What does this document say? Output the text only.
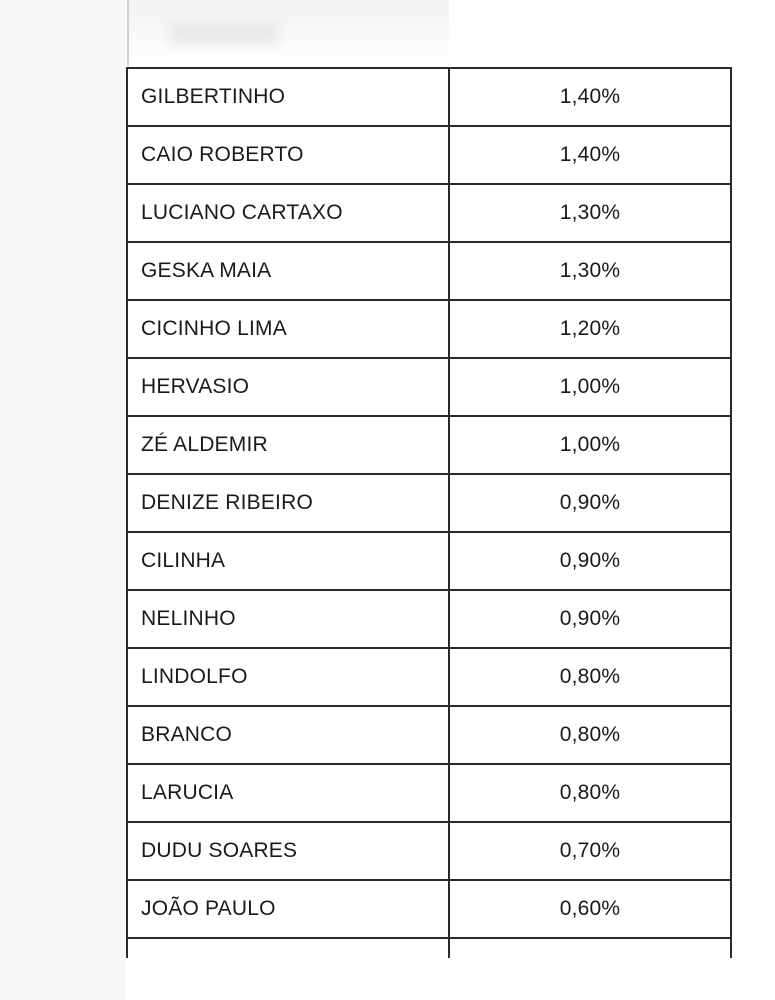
GILBERTINHO	1,40%
CAIO ROBERTO	1,40%
LUCIANO CARTAXO	1,30%
GESKA MAIA	1,30%
CICINHO LIMA	1,20%
HERVASIO	1,00%
ZÉ ALDEMIR	1,00%
DENIZE RIBEIRO	0,90%
CILINHA	0,90%
NELINHO	0,90%
LINDOLFO	0,80%
BRANCO	0,80%
LARUCIA	0,80%
DUDU SOARES	0,70%
JOÃO PAULO	0,60%
